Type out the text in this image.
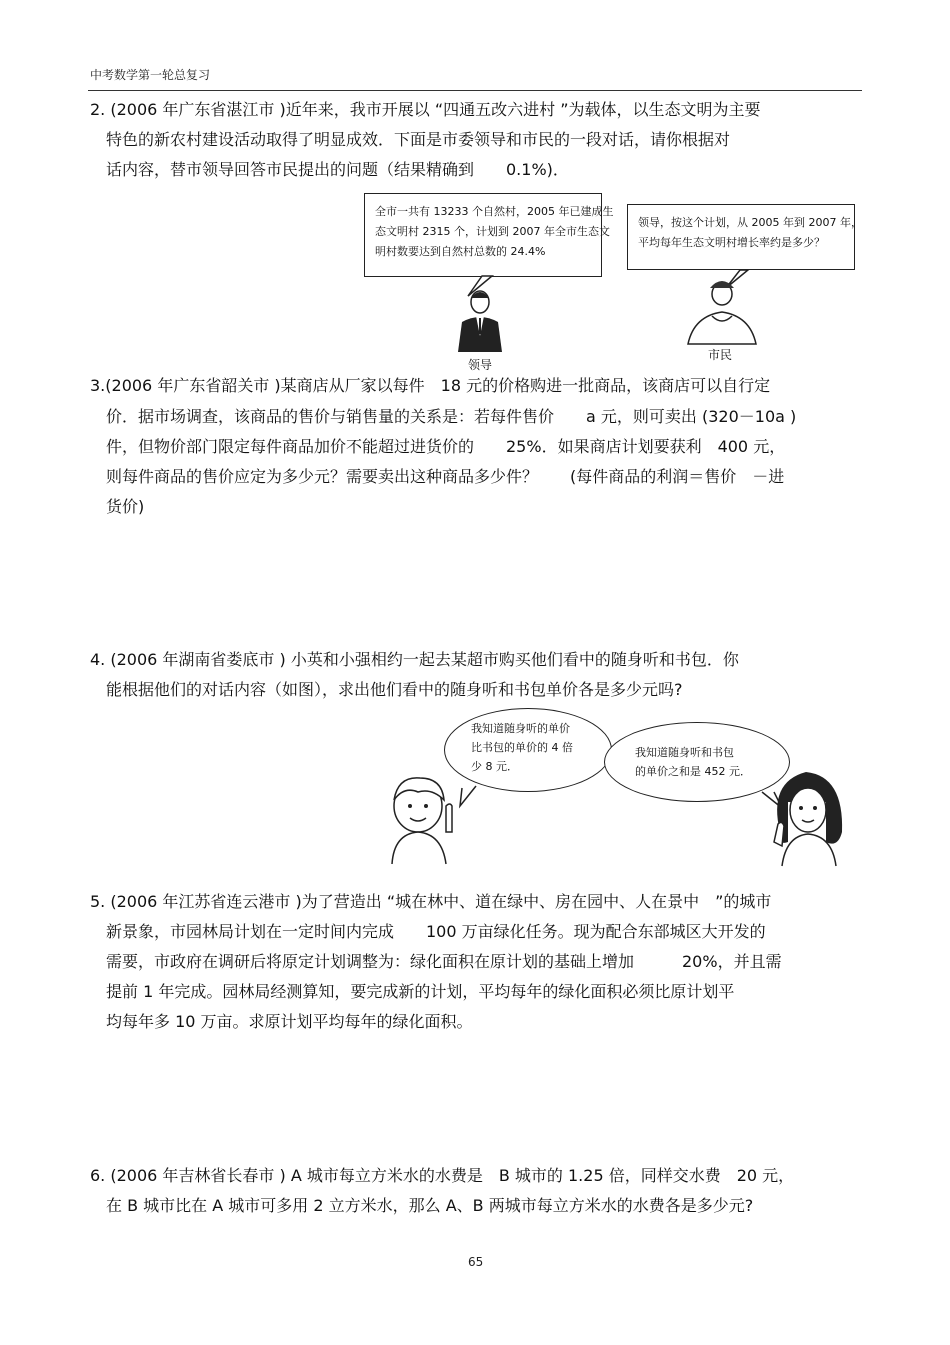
中考数学第一轮总复习
2. (2006 年广东省湛江市 )近年来，我市开展以 “四通五改六进村 ”为载体，以生态文明为主要
特色的新农村建设活动取得了明显成效．下面是市委领导和市民的一段对话，请你根据对
话内容，替市领导回答市民提出的问题（结果精确到　　0.1%)．
全市一共有 13233 个自然村，2005 年已建成生
态文明村 2315 个，计划到 2007 年全市生态文
明村数要达到自然村总数的 24.4%
领导
领导，按这个计划，从 2005 年到 2007 年，
平均每年生态文明村增长率约是多少？
市民
3.(2006 年广东省韶关市 )某商店从厂家以每件　18 元的价格购进一批商品，该商店可以自行定
价．据市场调查，该商品的售价与销售量的关系是：若每件售价　　a 元，则可卖出 (320－10a )
件，但物价部门限定每件商品加价不能超过进货价的　　25%．如果商店计划要获利　400 元，
则每件商品的售价应定为多少元？需要卖出这种商品多少件？　　(每件商品的利润＝售价　－进
货价)
4. (2006 年湖南省娄底市 ) 小英和小强相约一起去某超市购买他们看中的随身听和书包．你
能根据他们的对话内容（如图），求出他们看中的随身听和书包单价各是多少元吗?
我知道随身听的单价
比书包的单价的 4 倍
少 8 元．
我知道随身听和书包
的单价之和是 452 元．
5. (2006 年江苏省连云港市 )为了营造出 “城在林中、道在绿中、房在园中、人在景中　”的城市
新景象，市园林局计划在一定时间内完成　　100 万亩绿化任务。现为配合东部城区大开发的
需要，市政府在调研后将原定计划调整为：绿化面积在原计划的基础上增加　　　20%，并且需
提前 1 年完成。园林局经测算知，要完成新的计划，平均每年的绿化面积必须比原计划平
均每年多 10 万亩。求原计划平均每年的绿化面积。
6. (2006 年吉林省长春市 ) A 城市每立方米水的水费是　B 城市的 1.25 倍，同样交水费　20 元，
在 B 城市比在 A 城市可多用 2 立方米水，那么 A、B 两城市每立方米水的水费各是多少元?
65
